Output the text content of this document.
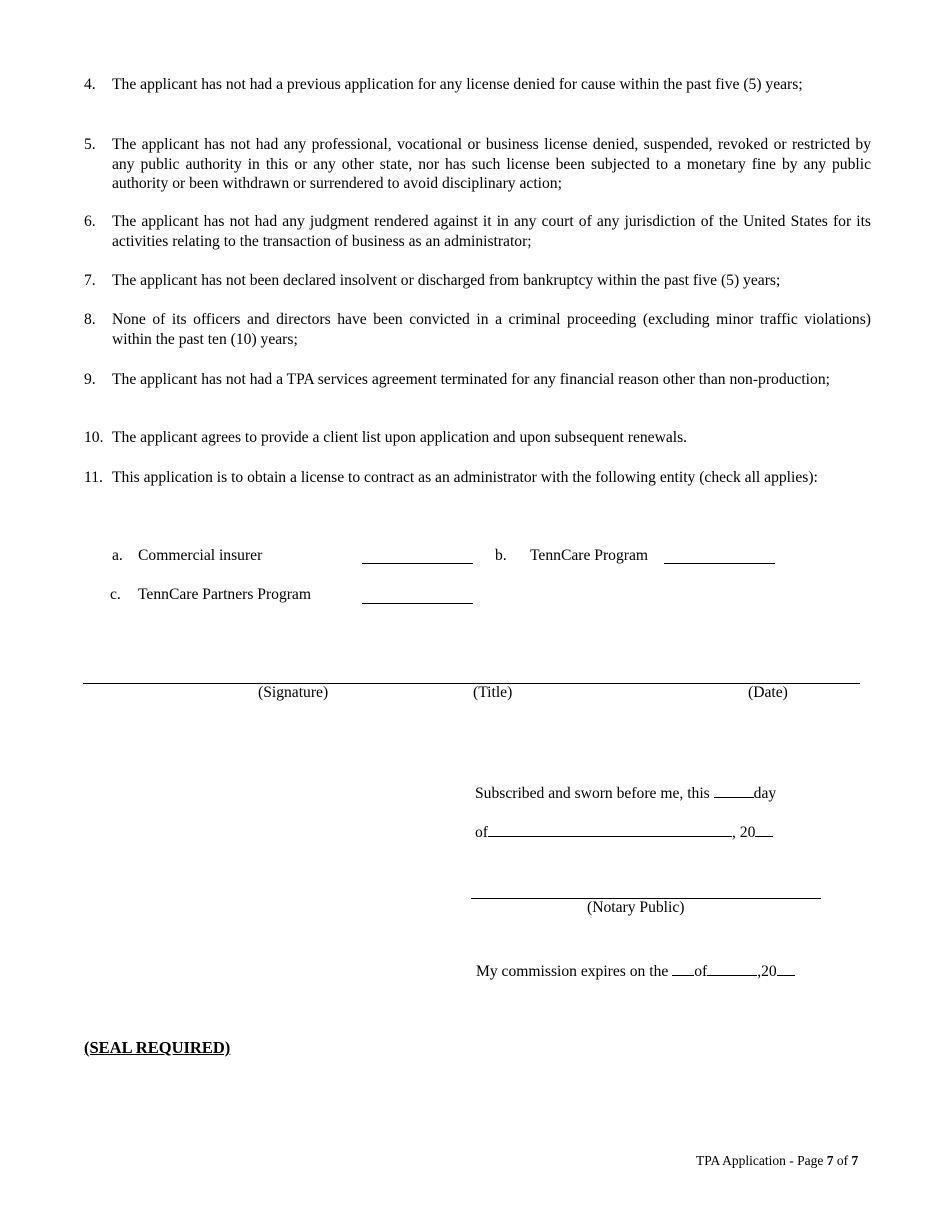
4. The applicant has not had a previous application for any license denied for cause within the past five (5) years;
5. The applicant has not had any professional, vocational or business license denied, suspended, revoked or restricted by any public authority in this or any other state, nor has such license been subjected to a monetary fine by any public authority or been withdrawn or surrendered to avoid disciplinary action;
6. The applicant has not had any judgment rendered against it in any court of any jurisdiction of the United States for its activities relating to the transaction of business as an administrator;
7. The applicant has not been declared insolvent or discharged from bankruptcy within the past five (5) years;
8. None of its officers and directors have been convicted in a criminal proceeding (excluding minor traffic violations) within the past ten (10) years;
9. The applicant has not had a TPA services agreement terminated for any financial reason other than non-production;
10. The applicant agrees to provide a client list upon application and upon subsequent renewals.
11. This application is to obtain a license to contract as an administrator with the following entity (check all applies):
a. Commercial insurer	b. TennCare Program
c. TennCare Partners Program
(Signature)	(Title)	(Date)
Subscribed and sworn before me, this	day
of	, 20
(Notary Public)
My commission expires on the of	,20
(SEAL REQUIRED)
TPA Application - Page 7 of 7
